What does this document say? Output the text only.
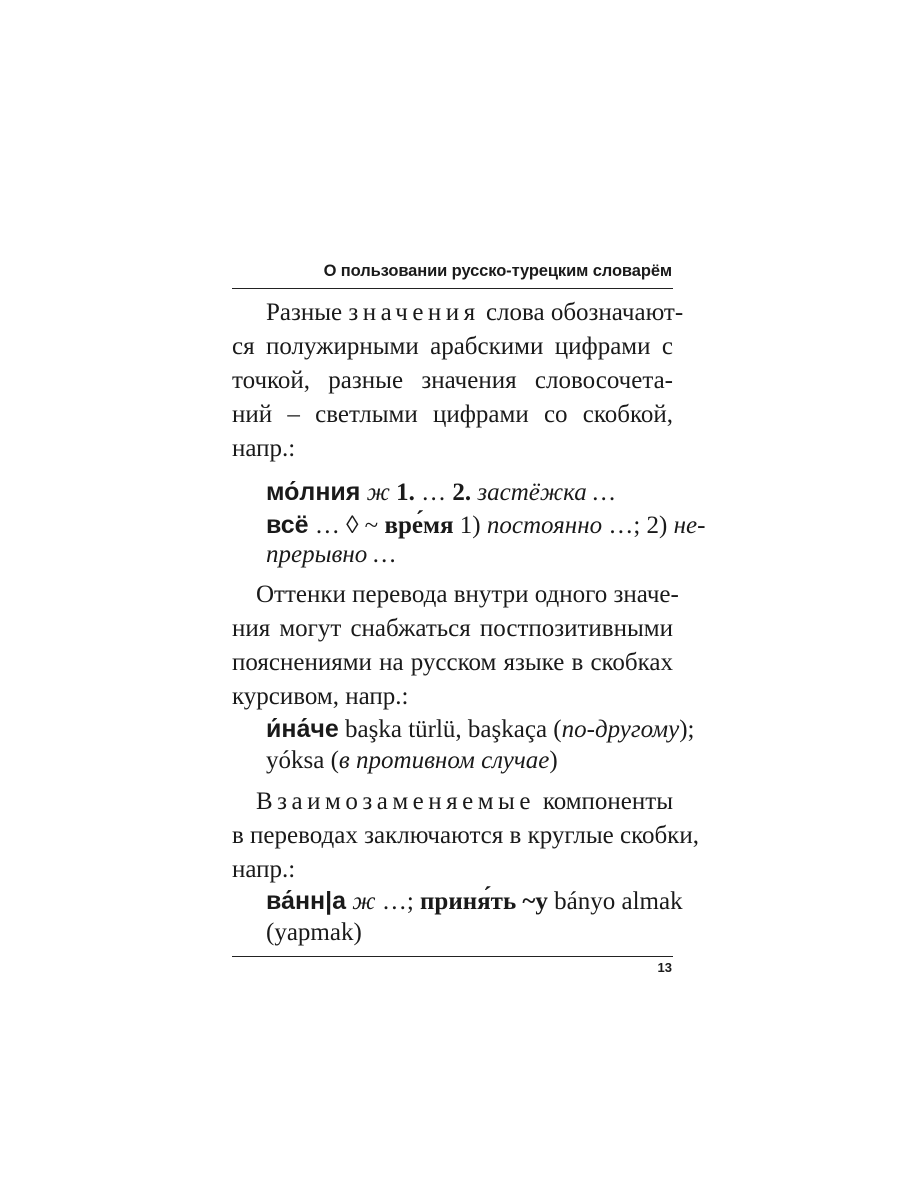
О пользовании русско-турецким словарём
Разные значения слова обозначают-
ся полужирными арабскими цифрами с
точкой, разные значения словосочета-
ний – светлыми цифрами со скобкой,
напр.:
мо́лния ж 1. … 2. застёжка …
всё … ◊ ~ вре́мя 1) постоянно …; 2) не-
прерывно …
Оттенки перевода внутри одного значе-
ния могут снабжаться постпозитивными
пояснениями на русском языке в скобках
курсивом, напр.:
и́на́че başka türlü, başkaça (по-другому);
yóksa (в противном случае)
Взаимозаменяемые компоненты
в переводах заключаются в круглые скобки,
напр.:
ва́нн|а ж …; приня́ть ~у bányo almak
(yapmak)
13
